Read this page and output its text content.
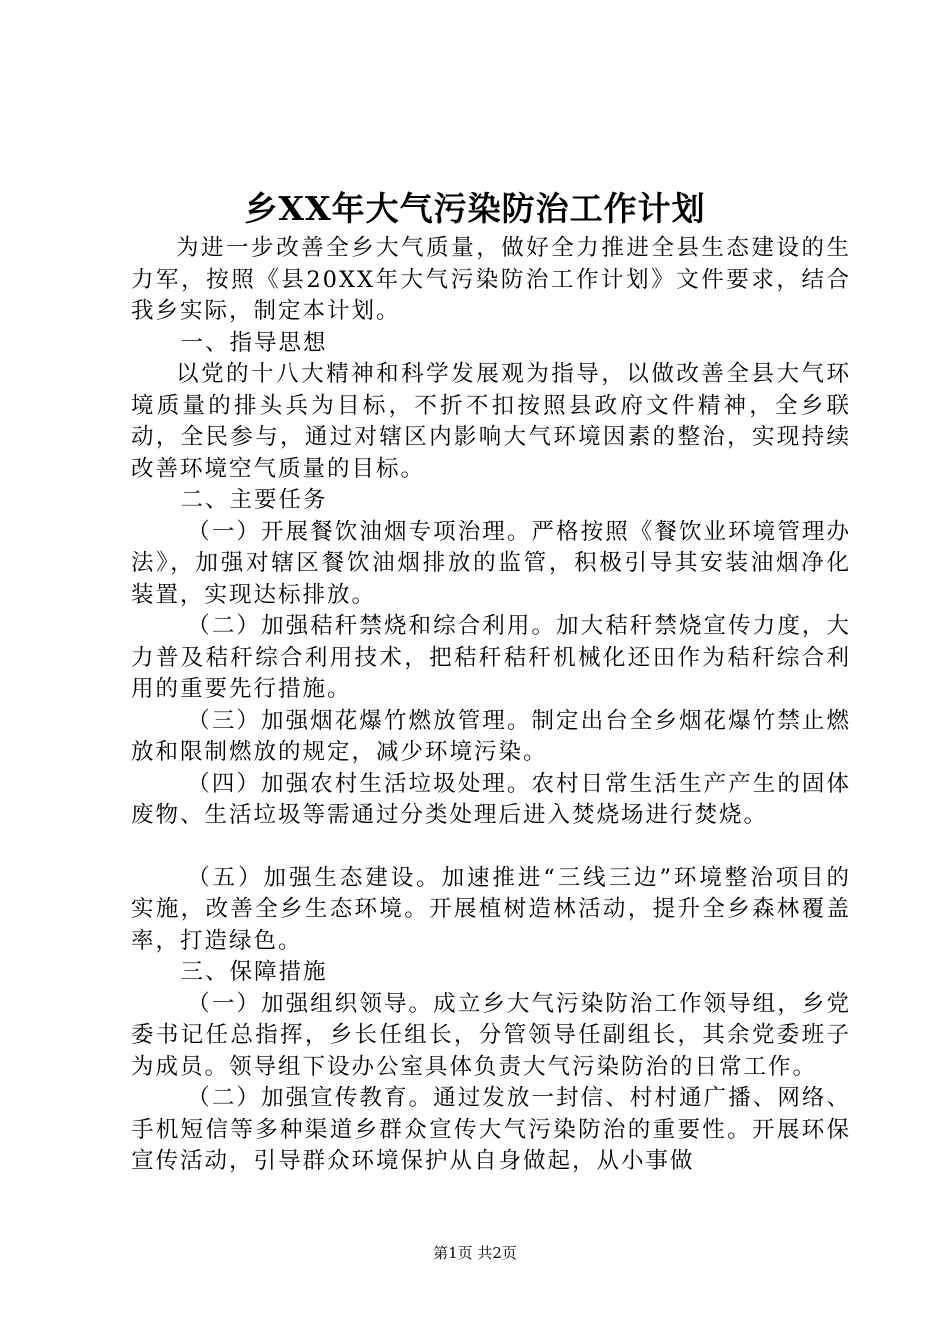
乡XX年大气污染防治工作计划

为进一步改善全乡大气质量，做好全力推进全县生态建设的生力军，按照《县20XX年大气污染防治工作计划》文件要求，结合我乡实际，制定本计划。

一、指导思想

以党的十八大精神和科学发展观为指导，以做改善全县大气环境质量的排头兵为目标，不折不扣按照县政府文件精神，全乡联动，全民参与，通过对辖区内影响大气环境因素的整治，实现持续改善环境空气质量的目标。

二、主要任务

（一）开展餐饮油烟专项治理。严格按照《餐饮业环境管理办法》，加强对辖区餐饮油烟排放的监管，积极引导其安装油烟净化装置，实现达标排放。

（二）加强秸秆禁烧和综合利用。加大秸秆禁烧宣传力度，大力普及秸秆综合利用技术，把秸秆秸秆机械化还田作为秸秆综合利用的重要先行措施。

（三）加强烟花爆竹燃放管理。制定出台全乡烟花爆竹禁止燃放和限制燃放的规定，减少环境污染。

（四）加强农村生活垃圾处理。农村日常生活生产产生的固体废物、生活垃圾等需通过分类处理后进入焚烧场进行焚烧。

（五）加强生态建设。加速推进“三线三边”环境整治项目的实施，改善全乡生态环境。开展植树造林活动，提升全乡森林覆盖率，打造绿色。

三、保障措施

（一）加强组织领导。成立乡大气污染防治工作领导组，乡党委书记任总指挥，乡长任组长，分管领导任副组长，其余党委班子为成员。领导组下设办公室具体负责大气污染防治的日常工作。

（二）加强宣传教育。通过发放一封信、村村通广播、网络、手机短信等多种渠道乡群众宣传大气污染防治的重要性。开展环保宣传活动，引导群众环境保护从自身做起，从小事做

第1页 共2页
